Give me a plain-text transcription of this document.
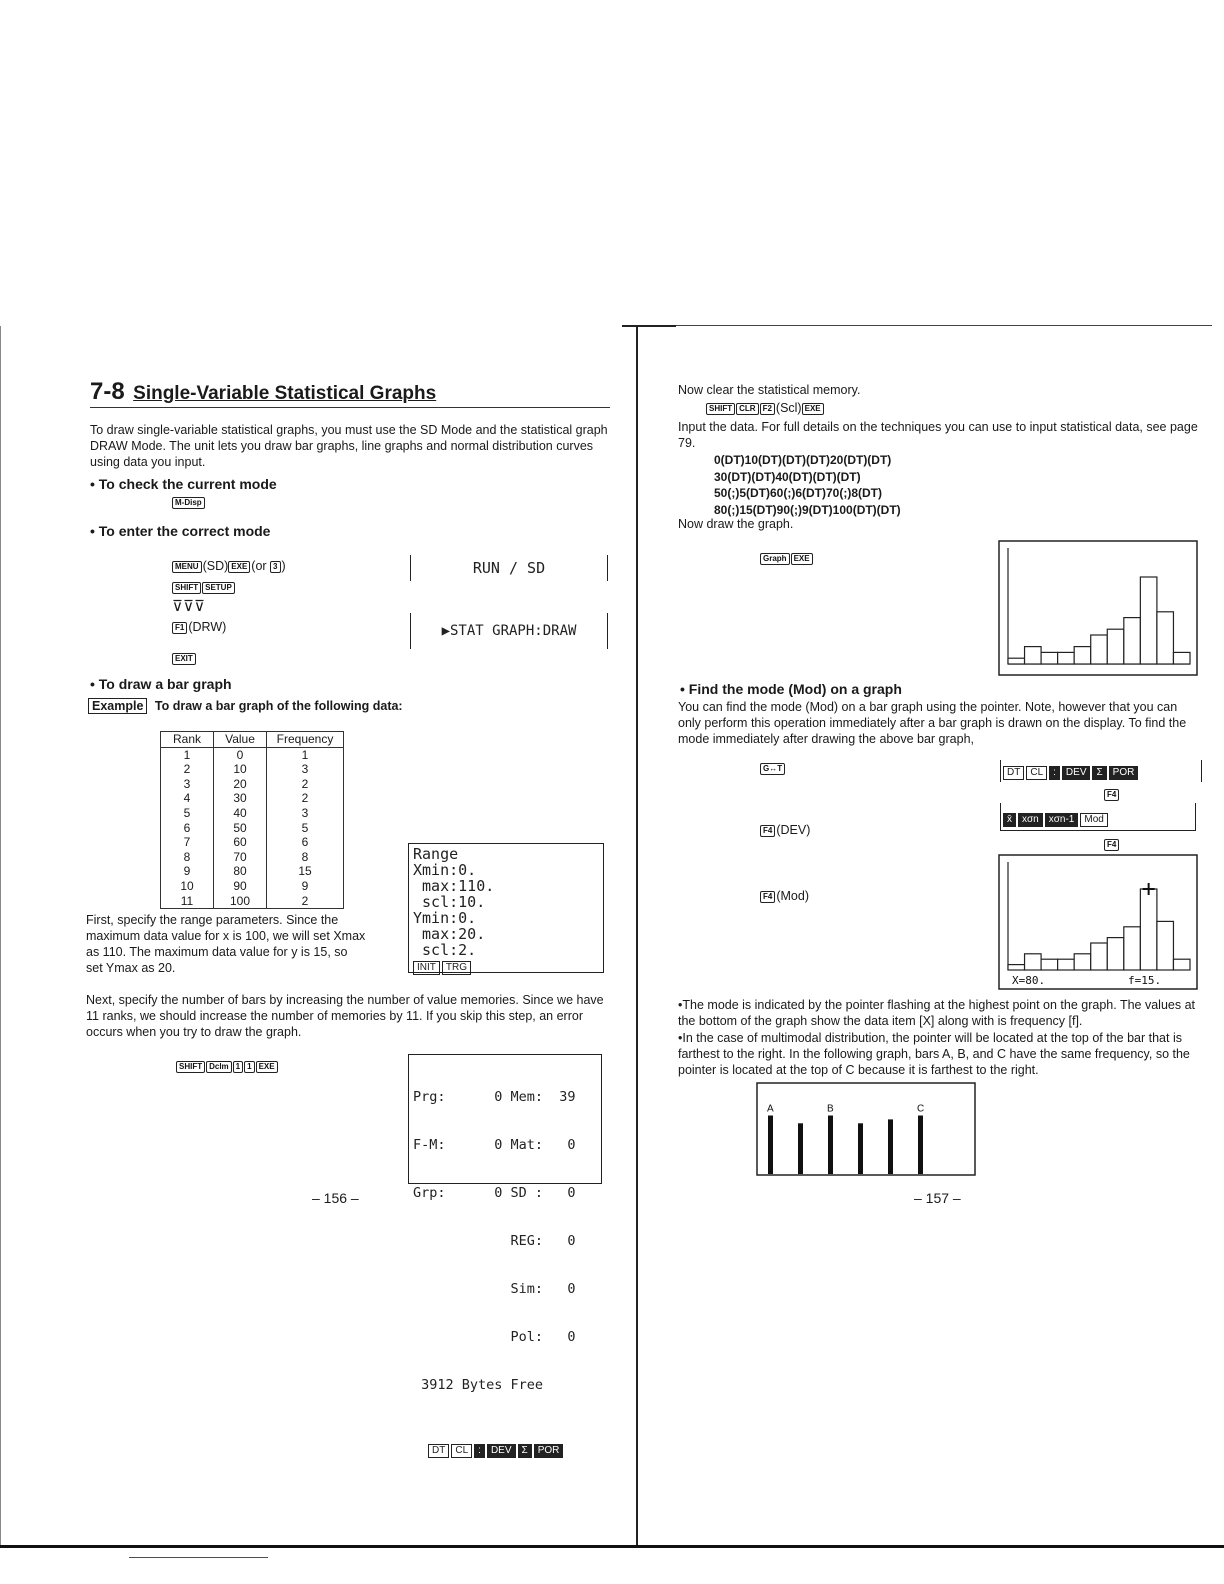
7-8 Single-Variable Statistical Graphs
To draw single-variable statistical graphs, you must use the SD Mode and the statistical graph DRAW Mode. The unit lets you draw bar graphs, line graphs and normal distribution curves using data you input.
• To check the current mode
M-Disp
• To enter the correct mode
MENU (SD) EXE (or 3 )
SHIFT SETUP
⊽⊽⊽
F1 (DRW)
EXIT
RUN / SD
▶STAT GRAPH:DRAW
• To draw a bar graph
Example To draw a bar graph of the following data:
Rank	Value	Frequency
1	0	1
2	10	3
3	20	2
4	30	2
5	40	3
6	50	5
7	60	6
8	70	8
9	80	15
10	90	9
11	100	2
First, specify the range parameters. Since the maximum data value for x is 100, we will set Xmax as 110. The maximum data value for y is 15, so set Ymax as 20.
Range
Xmin:0.
max:110.
scl:10.
Ymin:0.
max:20.
scl:2.
INIT TRG
Next, specify the number of bars by increasing the number of value memories. Since we have 11 ranks, we should increase the number of memories by 11. If you skip this step, an error occurs when you try to draw the graph.
SHIFT Dclm 1 1 EXE

Prg:      0 Mem:  39

F-M:      0 Mat:   0

Grp:      0 SD :   0

REG:   0

Sim:   0

Pol:   0

3912 Bytes Free

DT CL : DEV Σ POR

– 156 –
Now clear the statistical memory.
SHIFT CLR F2 (Scl) EXE
Input the data. For full details on the techniques you can use to input statistical data, see page 79.
0(DT)10(DT)(DT)(DT)20(DT)(DT)
30(DT)(DT)40(DT)(DT)(DT)
50(;)5(DT)60(;)6(DT)70(;)8(DT)
80(;)15(DT)90(;)9(DT)100(DT)(DT)
Now draw the graph.
Graph EXE
• Find the mode (Mod) on a graph
You can find the mode (Mod) on a bar graph using the pointer. Note, however that you can only perform this operation immediately after a bar graph is drawn on the display. To find the mode immediately after drawing the above bar graph,
G↔T	DT CL : DEV Σ POR
F4
F4 (DEV)
x̄ xσn xσn-1 Mod
F4
F4 (Mod)
X=80.	f=15.
•The mode is indicated by the pointer flashing at the highest point on the graph. The values at the bottom of the graph show the data item [X] along with is frequency [f].
•In the case of multimodal distribution, the pointer will be located at the top of the bar that is farthest to the right. In the following graph, bars A, B, and C have the same frequency, so the pointer is located at the top of C because it is farthest to the right.
A	B	C
– 157 –
